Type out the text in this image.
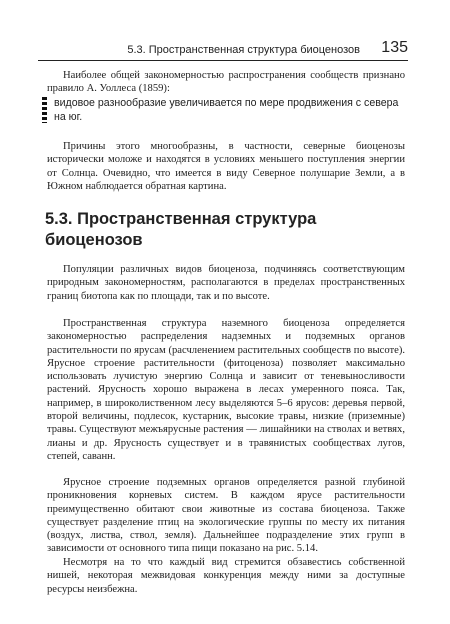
5.3. Пространственная структура биоценозов 135

Наиболее общей закономерностью распространения сообществ признано правило А. Уоллеса (1859):

видовое разнообразие увеличивается по мере продвижения с севера на юг.

Причины этого многообразны, в частности, северные биоценозы исторически моложе и находятся в условиях меньшего поступления энергии от Солнца. Очевидно, что имеется в виду Северное полушарие Земли, а в Южном наблюдается обратная картина.

5.3. Пространственная структура биоценозов

Популяции различных видов биоценоза, подчиняясь соответствующим природным закономерностям, располагаются в пределах пространственных границ биотопа как по площади, так и по высоте.

Пространственная структура наземного биоценоза определяется закономерностью распределения надземных и подземных органов растительности по ярусам (расчленением растительных сообществ по высоте). Ярусное строение растительности (фитоценоза) позволяет максимально использовать лучистую энергию Солнца и зависит от теневыносливости растений. Ярусность хорошо выражена в лесах умеренного пояса. Так, например, в широколиственном лесу выделяются 5–6 ярусов: деревья первой, второй величины, подлесок, кустарник, высокие травы, низкие (приземные) травы. Существуют межъярусные растения — лишайники на стволах и ветвях, лианы и др. Ярусность существует и в травянистых сообществах лугов, степей, саванн.

Ярусное строение подземных органов определяется разной глубиной проникновения корневых систем. В каждом ярусе растительности преимущественно обитают свои животные из состава биоценоза. Также существует разделение птиц на экологические группы по месту их питания (воздух, листва, ствол, земля). Дальнейшее подразделение этих групп в зависимости от основного типа пищи показано на рис. 5.14.

Несмотря на то что каждый вид стремится обзавестись собственной нишей, некоторая межвидовая конкуренция между ними за доступные ресурсы неизбежна.
